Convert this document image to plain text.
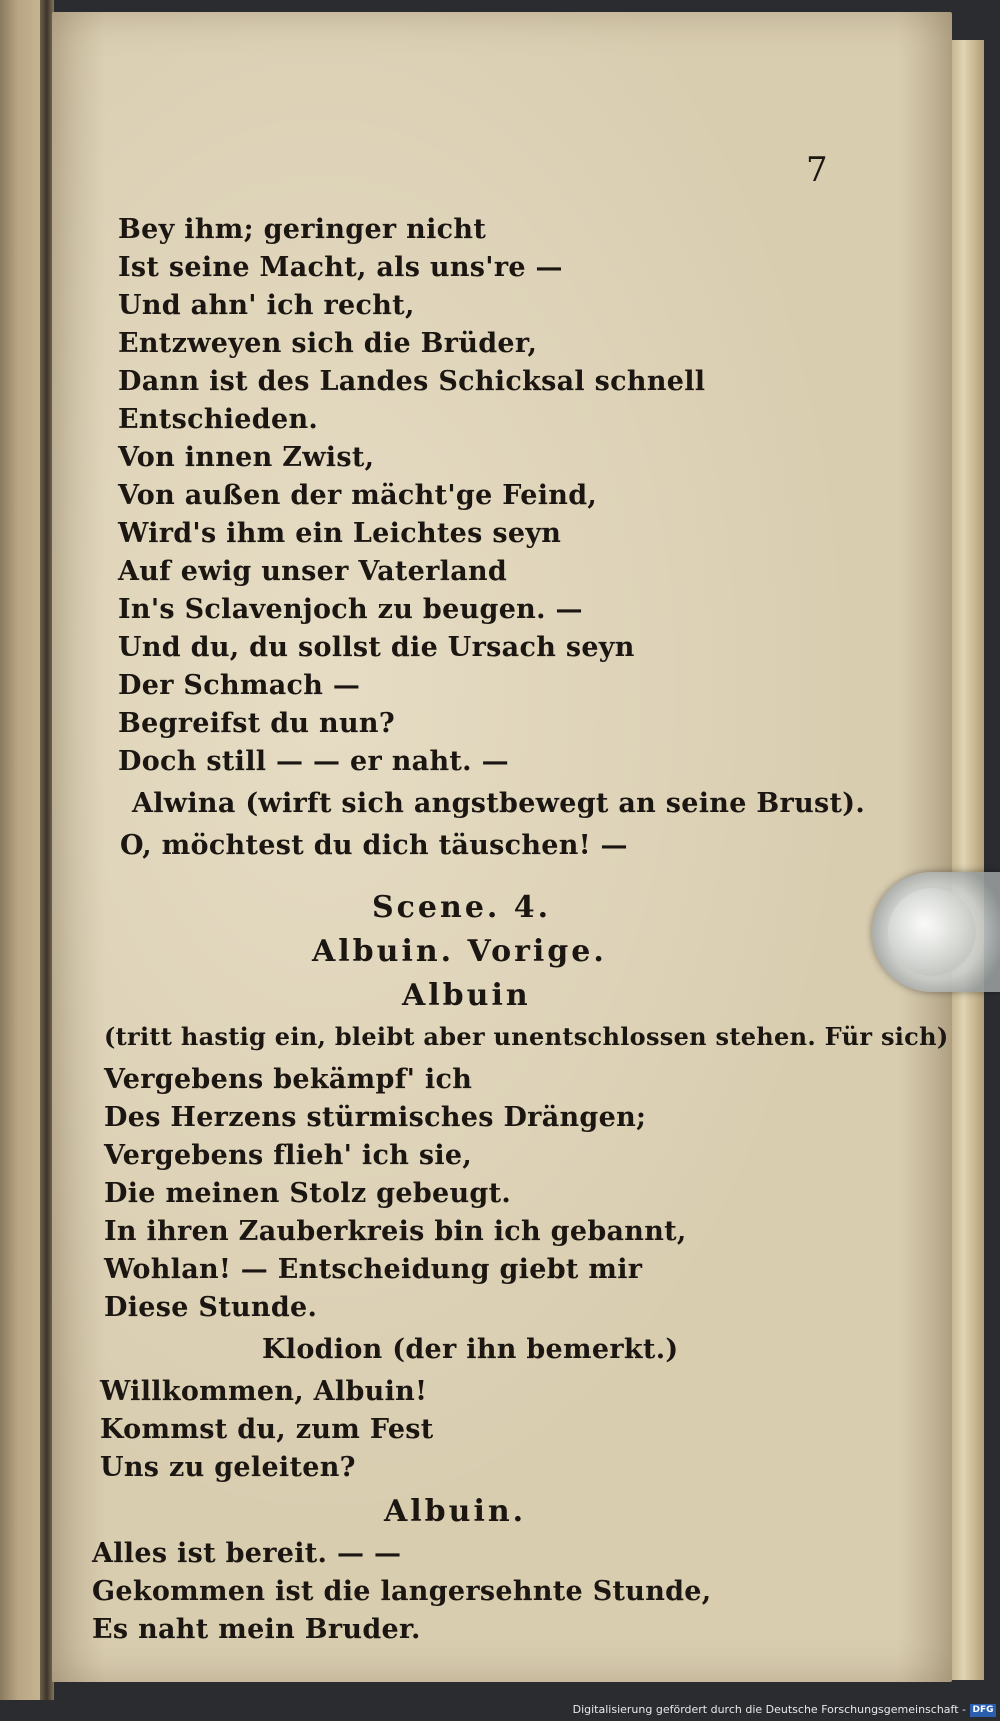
7
Bey ihm; geringer nicht
Ist seine Macht, als uns're —
Und ahn' ich recht,
Entzweyen sich die Brüder,
Dann ist des Landes Schicksal schnell
Entschieden.
Von innen Zwist,
Von außen der mächt'ge Feind,
Wird's ihm ein Leichtes seyn
Auf ewig unser Vaterland
In's Sclavenjoch zu beugen. —
Und du, du sollst die Ursach seyn
Der Schmach —
Begreifst du nun?
Doch still — — er naht. —
Alwina (wirft sich angstbewegt an seine Brust).
O, möchtest du dich täuschen! —
Scene. 4.
Albuin. Vorige.
Albuin
(tritt hastig ein, bleibt aber unentschlossen stehen. Für sich)
Vergebens bekämpf' ich
Des Herzens stürmisches Drängen;
Vergebens flieh' ich sie,
Die meinen Stolz gebeugt.
In ihren Zauberkreis bin ich gebannt,
Wohlan! — Entscheidung giebt mir
Diese Stunde.
Klodion (der ihn bemerkt.)
Willkommen, Albuin!
Kommst du, zum Fest
Uns zu geleiten?
Albuin.
Alles ist bereit. — —
Gekommen ist die langersehnte Stunde,
Es naht mein Bruder.
Digitalisierung gefördert durch die Deutsche Forschungsgemeinschaft - DFG
